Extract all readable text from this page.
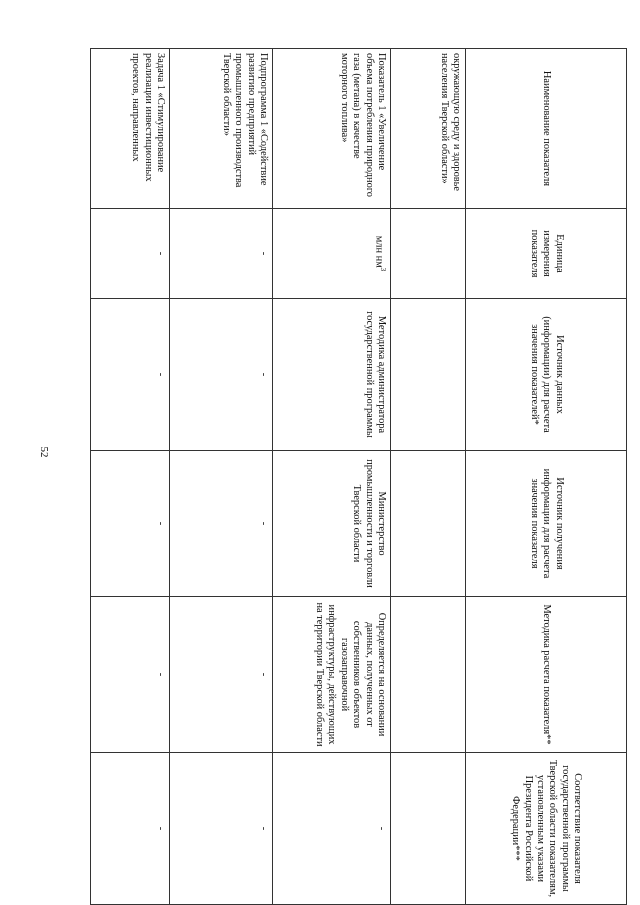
52
Наименование показателя	Единица измерения показателя	Источник данных (информации) для расчета значения показателей*	Источник получения информации для расчета значения показателя	Методика расчета показателя**	Соответствие показателя государственной программы Тверской области показателям, установленным указами Президента Российской Федерации***
окружающую среду и здоровье населения Тверской области»					
Показатель 1 «Увеличение объема потребления природного газа (метана) в качестве моторного топлива»	млн $нм^3$	Методика администратора государственной программы	Министерство промышленности и торговли Тверской области	Определяется на основании данных, полученных от собственников объектов газозаправочной инфраструктуры, действующих на территории Тверской области	-
Подпрограмма 1 «Содействие развитию предприятий промышленного производства Тверской области»	-	-	-	-	-
Задача 1 «Стимулирование реализации инвестиционных проектов, направленных	-	-	-	-	-
